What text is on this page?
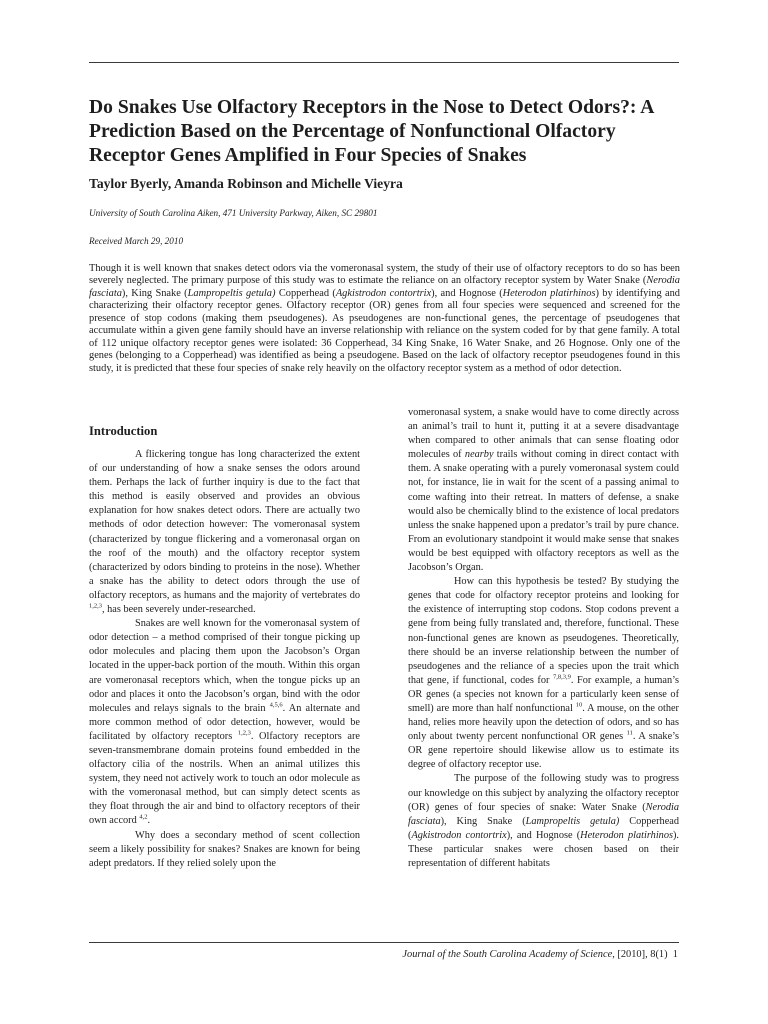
Do Snakes Use Olfactory Receptors in the Nose to Detect Odors?: A Prediction Based on the Percentage of Nonfunctional Olfactory Receptor Genes Amplified in Four Species of Snakes

Taylor Byerly, Amanda Robinson and Michelle Vieyra

University of South Carolina Aiken, 471 University Parkway, Aiken, SC 29801

Received March 29, 2010

Though it is well known that snakes detect odors via the vomeronasal system, the study of their use of olfactory receptors to do so has been severely neglected. The primary purpose of this study was to estimate the reliance on an olfactory receptor system by Water Snake (Nerodia fasciata), King Snake (Lampropeltis getula) Copperhead (Agkistrodon contortrix), and Hognose (Heterodon platirhinos) by identifying and characterizing their olfactory receptor genes. Olfactory receptor (OR) genes from all four species were sequenced and screened for the presence of stop codons (making them pseudogenes). As pseudogenes are non-functional genes, the percentage of pseudogenes that accumulate within a given gene family should have an inverse relationship with reliance on the system coded for by that gene family. A total of 112 unique olfactory receptor genes were isolated: 36 Copperhead, 34 King Snake, 16 Water Snake, and 26 Hognose. Only one of the genes (belonging to a Copperhead) was identified as being a pseudogene. Based on the lack of olfactory receptor pseudogenes found in this study, it is predicted that these four species of snake rely heavily on the olfactory receptor system as a method of odor detection.

Introduction

A flickering tongue has long characterized the extent of our understanding of how a snake senses the odors around them. Perhaps the lack of further inquiry is due to the fact that this method is easily observed and provides an obvious explanation for how snakes detect odors. There are actually two methods of odor detection however: The vomeronasal system (characterized by tongue flickering and a vomeronasal organ on the roof of the mouth) and the olfactory receptor system (characterized by odors binding to proteins in the nose). Whether a snake has the ability to detect odors through the use of olfactory receptors, as humans and the majority of vertebrates do $^{1,2,3}$, has been severely under-researched.

Snakes are well known for the vomeronasal system of odor detection – a method comprised of their tongue picking up odor molecules and placing them upon the Jacobson’s Organ located in the upper-back portion of the mouth. Within this organ are vomeronasal receptors which, when the tongue picks up an odor and places it onto the Jacobson’s organ, bind with the odor molecules and relays signals to the brain $^{4,5,6}$. An alternate and more common method of odor detection, however, would be facilitated by olfactory receptors $^{1,2,3}$. Olfactory receptors are seven-transmembrane domain proteins found embedded in the olfactory cilia of the nostrils. When an animal utilizes this system, they need not actively work to touch an odor molecule as with the vomeronasal method, but can simply detect scents as they float through the air and bind to olfactory receptors of their own accord $^{4,2}$.

Why does a secondary method of scent collection seem a likely possibility for snakes? Snakes are known for being adept predators. If they relied solely upon the

vomeronasal system, a snake would have to come directly across an animal’s trail to hunt it, putting it at a severe disadvantage when compared to other animals that can sense floating odor molecules of nearby trails without coming in direct contact with them. A snake operating with a purely vomeronasal system could not, for instance, lie in wait for the scent of a passing animal to come wafting into their retreat. In matters of defense, a snake would also be chemically blind to the existence of local predators unless the snake happened upon a predator’s trail by pure chance. From an evolutionary standpoint it would make sense that snakes would be best equipped with olfactory receptors as well as the Jacobson’s Organ.

How can this hypothesis be tested? By studying the genes that code for olfactory receptor proteins and looking for the existence of interrupting stop codons. Stop codons prevent a gene from being fully translated and, therefore, functional. These non-functional genes are known as pseudogenes. Theoretically, there should be an inverse relationship between the number of pseudogenes and the reliance of a species upon the trait which that gene, if functional, codes for $^{7,8,3,9}$. For example, a human’s OR genes (a species not known for a particularly keen sense of smell) are more than half nonfunctional $^{10}$. A mouse, on the other hand, relies more heavily upon the detection of odors, and so has only about twenty percent nonfunctional OR genes $^{11}$. A snake’s OR gene repertoire should likewise allow us to estimate its degree of olfactory receptor use.

The purpose of the following study was to progress our knowledge on this subject by analyzing the olfactory receptor (OR) genes of four species of snake: Water Snake (Nerodia fasciata), King Snake (Lampropeltis getula) Copperhead (Agkistrodon contortrix), and Hognose (Heterodon platirhinos). These particular snakes were chosen based on their representation of different habitats

Journal of the South Carolina Academy of Science, [2010], 8(1) 1
